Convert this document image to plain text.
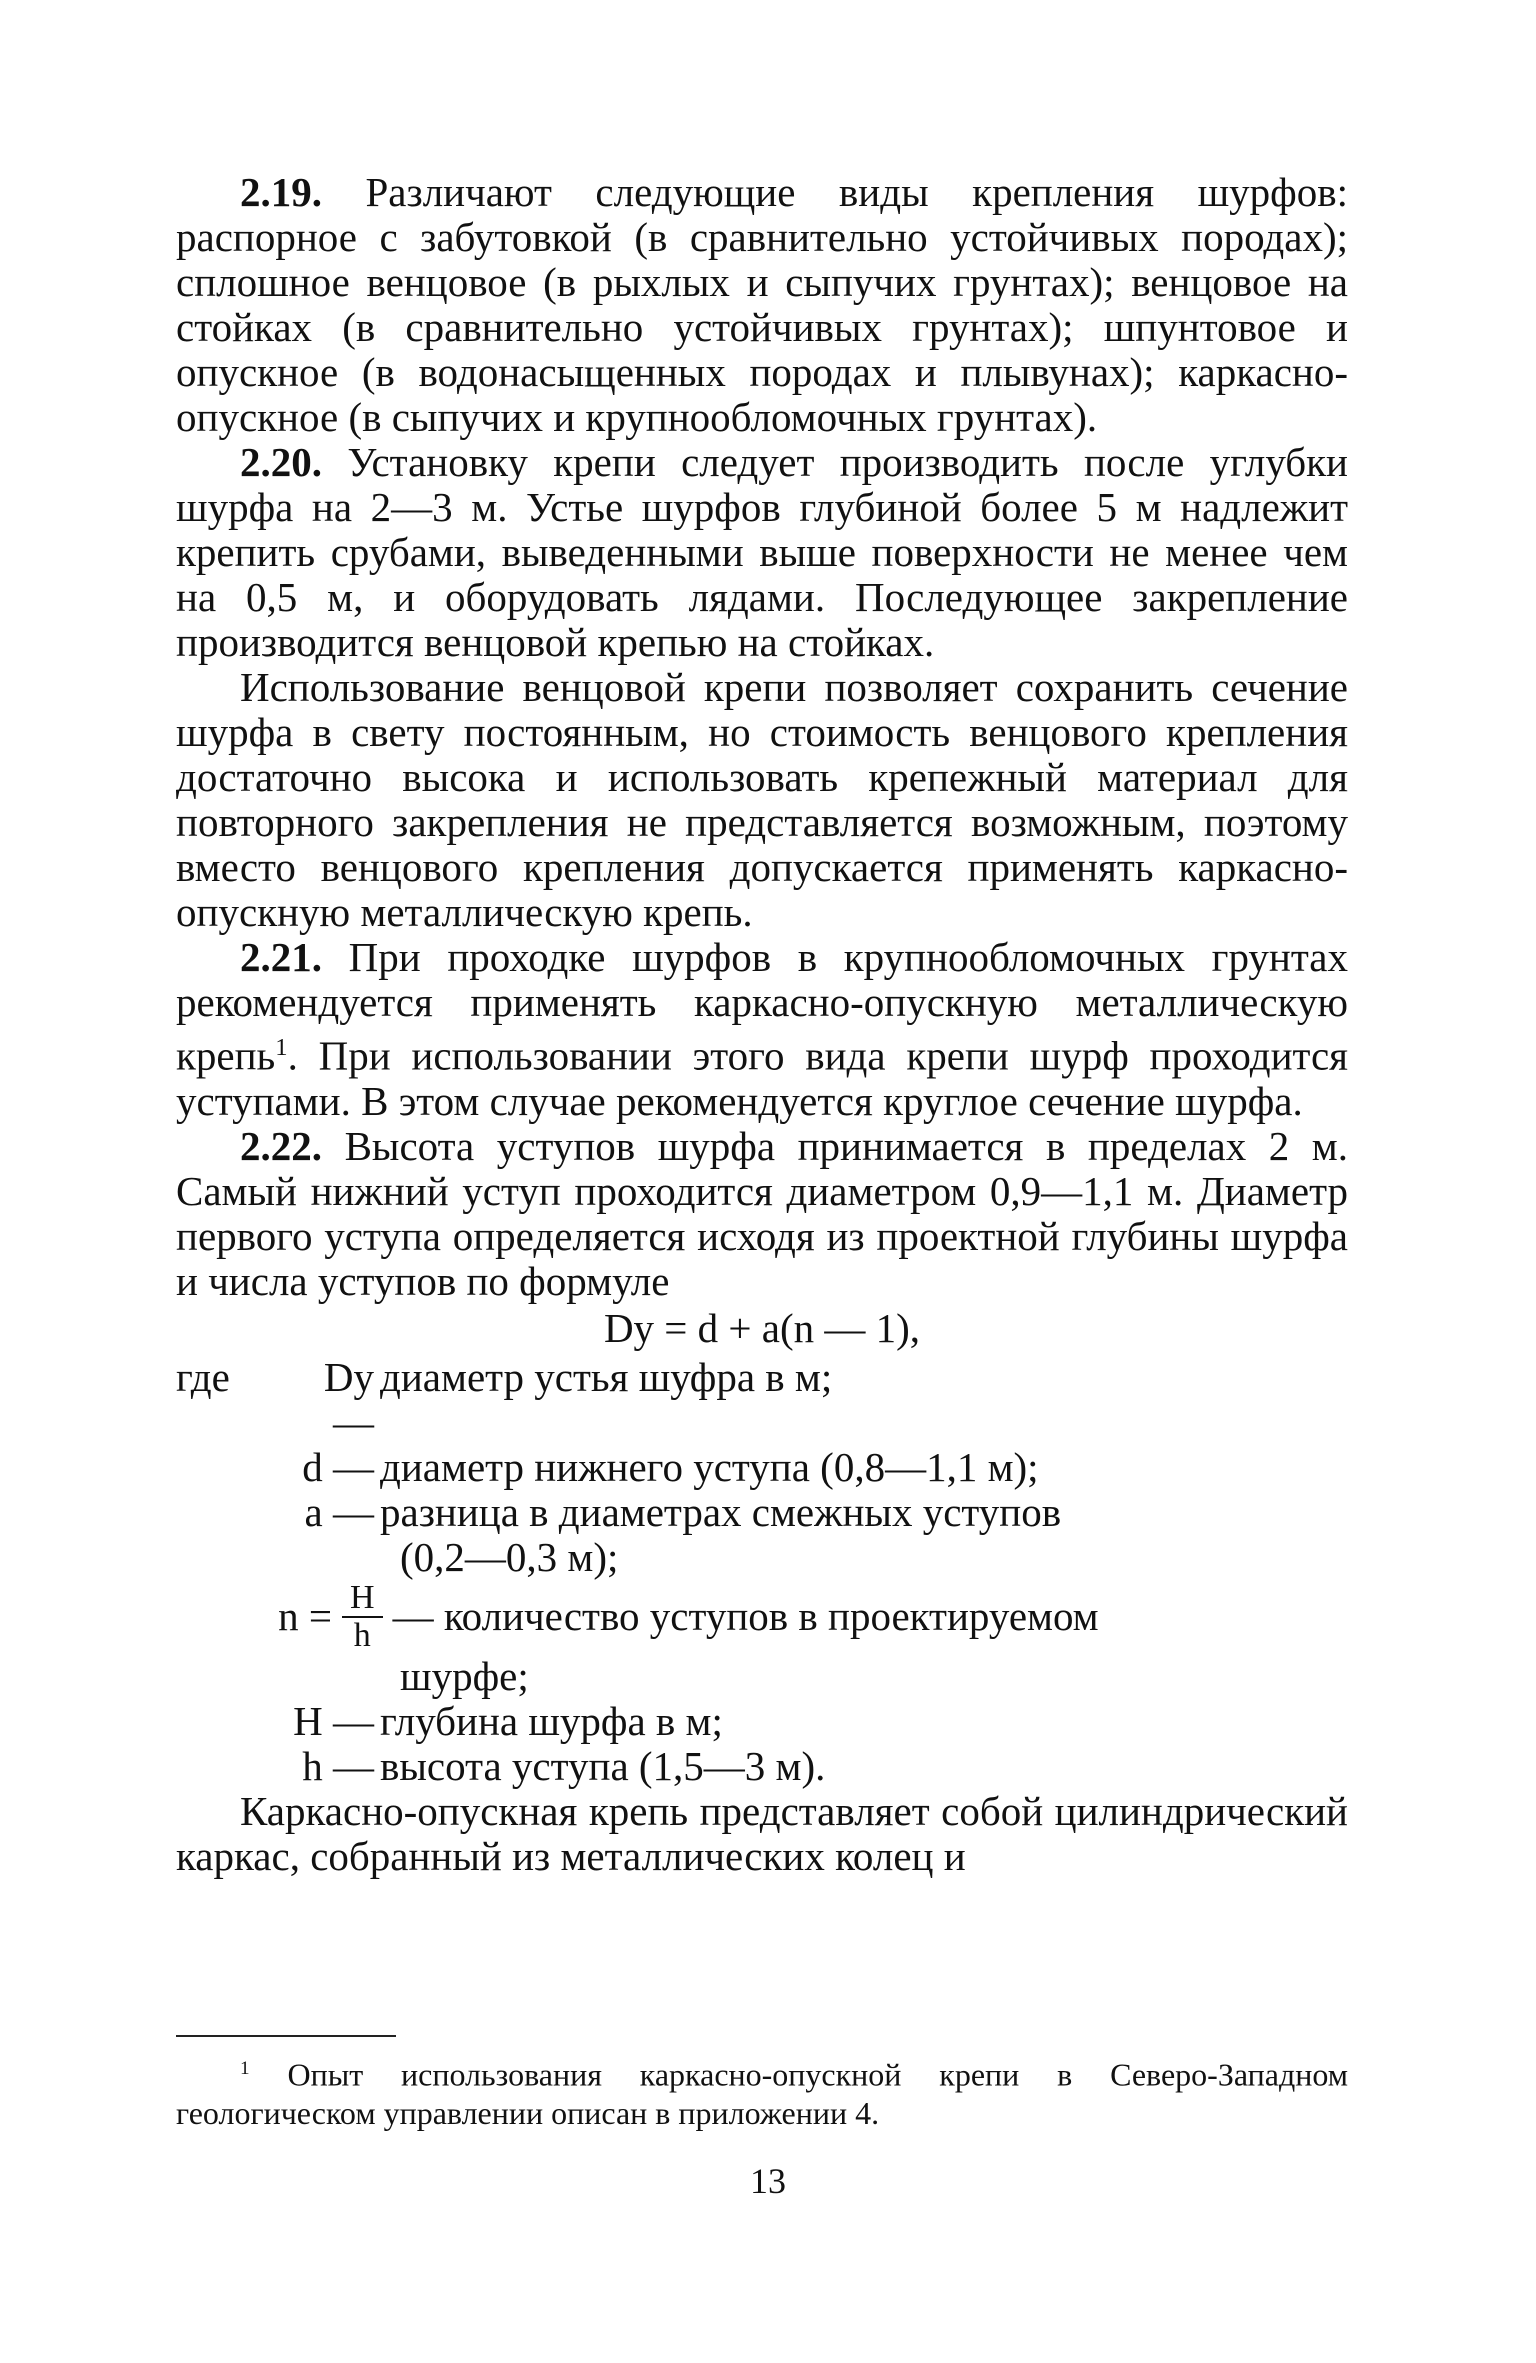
2.19. Различают следующие виды крепления шурфов: распорное с забутовкой (в сравнительно устойчивых породах); сплошное венцовое (в рыхлых и сыпучих грунтах); венцовое на стойках (в сравнительно устойчивых грунтах); шпунтовое и опускное (в водонасыщенных породах и плывунах); каркасно-опускное (в сыпучих и крупнообломочных грунтах).

2.20. Установку крепи следует производить после углубки шурфа на 2—3 м. Устье шурфов глубиной более 5 м надлежит крепить срубами, выведенными выше поверхности не менее чем на 0,5 м, и оборудовать лядами. Последующее закрепление производится венцовой крепью на стойках.

Использование венцовой крепи позволяет сохранить сечение шурфа в свету постоянным, но стоимость венцового крепления достаточно высока и использовать крепежный материал для повторного закрепления не представляется возможным, поэтому вместо венцового крепления допускается применять каркасно-опускную металлическую крепь.

2.21. При проходке шурфов в крупнообломочных грунтах рекомендуется применять каркасно-опускную металлическую крепь$^1$. При использовании этого вида крепи шурф проходится уступами. В этом случае рекомендуется круглое сечение шурфа.

2.22. Высота уступов шурфа принимается в пределах 2 м. Самый нижний уступ проходится диаметром 0,9—1,1 м. Диаметр первого уступа определяется исходя из проектной глубины шурфа и числа уступов по формуле

Dу = d + a(n — 1),
где	Dу —
диаметр устья шуфра в м;
d — диаметр нижнего уступа (0,8—1,1 м);
a — разница в диаметрах смежных уступов
(0,2—0,3 м);
$n = \frac{H}{h}$ — количество уступов в проектируемом
шурфе;
H — глубина шурфа в м;
h — высота уступа (1,5—3 м).

Каркасно-опускная крепь представляет собой цилиндрический каркас, собранный из металлических колец и

$^1$ Опыт использования каркасно-опускной крепи в Северо-Западном геологическом управлении описан в приложении 4.
13
